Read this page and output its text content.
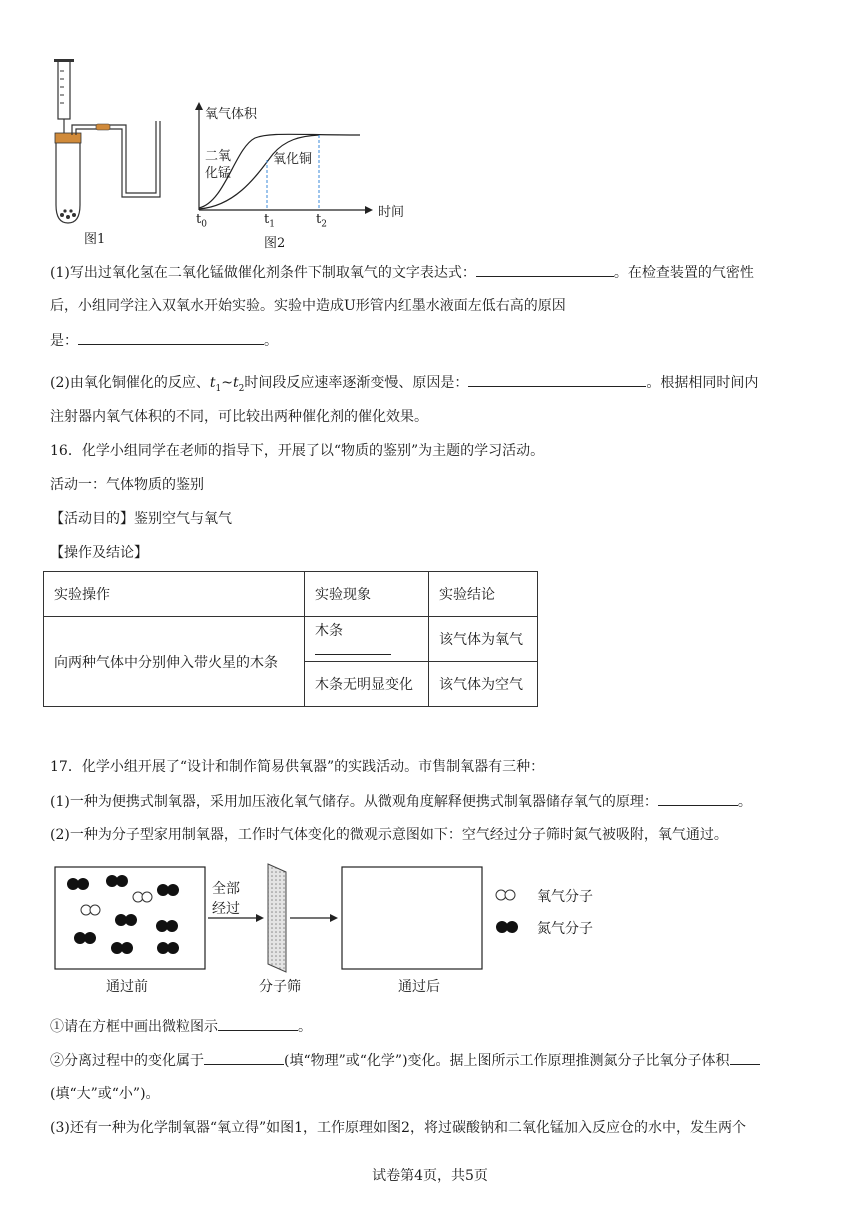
图1
氧气体积
时间
二氧
化锰
氧化铜
$t_0$	$t_1$	$t_2$
图2
(1)写出过氧化氢在二氧化锰做催化剂条件下制取氧气的文字表达式：	。在检查装置的气密性
后，小组同学注入双氧水开始实验。实验中造成U形管内红墨水液面左低右高的原因
是：	。
(2)由氧化铜催化的反应、$t_1\sim t_2$时间段反应速率逐渐变慢、原因是：	。根据相同时间内
注射器内氧气体积的不同，可比较出两种催化剂的催化效果。
16．化学小组同学在老师的指导下，开展了以“物质的鉴别”为主题的学习活动。
活动一：气体物质的鉴别
【活动目的】鉴别空气与氧气
【操作及结论】
实验操作	实验现象	实验结论
向两种气体中分别伸入带火星的木条	木条	该气体为氧气
	木条无明显变化	该气体为空气
17．化学小组开展了“设计和制作简易供氧器”的实践活动。市售制氧器有三种：
(1)一种为便携式制氧器，采用加压液化氧气储存。从微观角度解释便携式制氧器储存氧气的原理：	。
(2)一种为分子型家用制氧器，工作时气体变化的微观示意图如下：空气经过分子筛时氮气被吸附，氧气通过。
全部
经过
氧气分子
氮气分子
通过前	分子筛	通过后
①请在方框中画出微粒图示	。
②分离过程中的变化属于	(填“物理”或“化学”)变化。据上图所示工作原理推测氮分子比氧分子体积
(填“大”或“小”)。
(3)还有一种为化学制氧器“氧立得”如图1，工作原理如图2，将过碳酸钠和二氧化锰加入反应仓的水中，发生两个
试卷第4页，共5页
